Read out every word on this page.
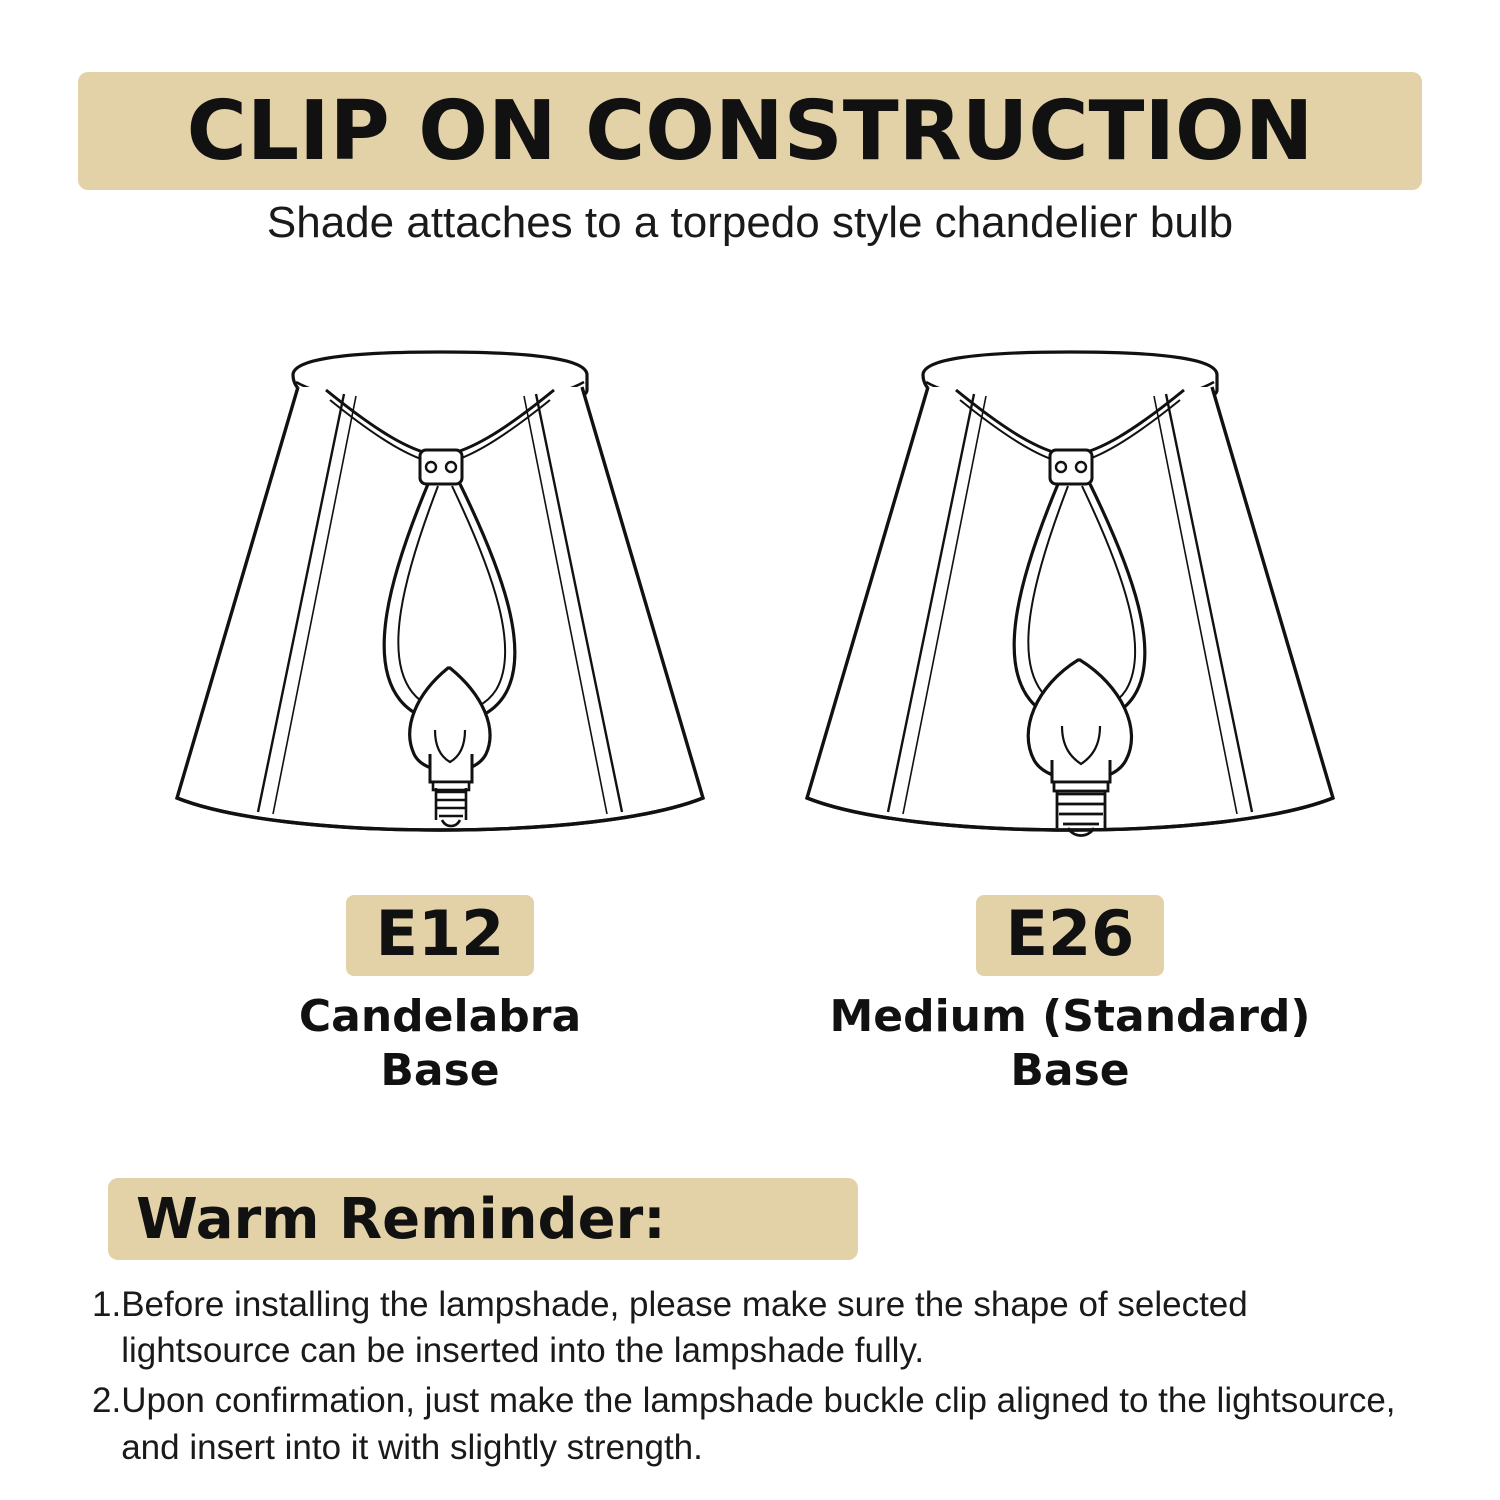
CLIP ON CONSTRUCTION
Shade attaches to a torpedo style chandelier bulb
E12
Candelabra
Base
E26
Medium (Standard)
Base
Warm Reminder:
1. Before installing the lampshade, please make sure the shape of selected lightsource can be inserted into the lampshade fully.
2. Upon confirmation, just make the lampshade buckle clip aligned to the lightsource, and insert into it with slightly strength.
